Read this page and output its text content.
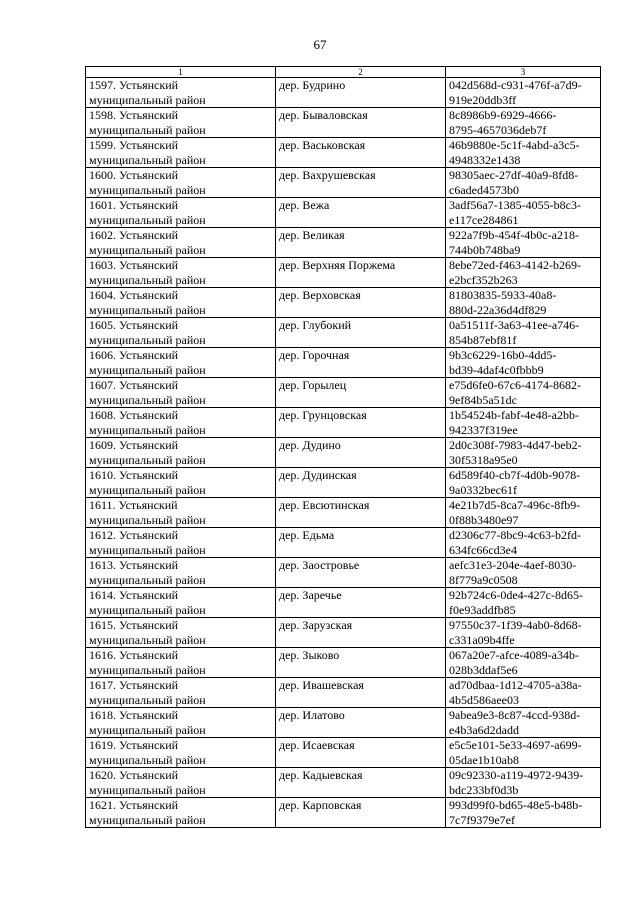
67
1	2	3

1597. Устьянский
муниципальный район	дер. Будрино	042d568d-c931-476f-a7d9-
919e20ddb3ff

1598. Устьянский
муниципальный район	дер. Бываловская	8c8986b9-6929-4666-
8795-4657036deb7f

1599. Устьянский
муниципальный район	дер. Васьковская	46b9880e-5c1f-4abd-a3c5-
4948332e1438

1600. Устьянский
муниципальный район	дер. Вахрушевская	98305aec-27df-40a9-8fd8-
c6aded4573b0

1601. Устьянский
муниципальный район	дер. Вежа	3adf56a7-1385-4055-b8c3-
e117ce284861

1602. Устьянский
муниципальный район	дер. Великая	922a7f9b-454f-4b0c-a218-
744b0b748ba9

1603. Устьянский
муниципальный район	дер. Верхняя Поржема	8ebe72ed-f463-4142-b269-
e2bcf352b263

1604. Устьянский
муниципальный район	дер. Верховская	81803835-5933-40a8-
880d-22a36d4df829

1605. Устьянский
муниципальный район	дер. Глубокий	0a51511f-3a63-41ee-a746-
854b87ebf81f

1606. Устьянский
муниципальный район	дер. Горочная	9b3c6229-16b0-4dd5-
bd39-4daf4c0fbbb9

1607. Устьянский
муниципальный район	дер. Горылец	e75d6fe0-67c6-4174-8682-
9ef84b5a51dc

1608. Устьянский
муниципальный район	дер. Грунцовская	1b54524b-fabf-4e48-a2bb-
942337f319ee

1609. Устьянский
муниципальный район	дер. Дудино	2d0c308f-7983-4d47-beb2-
30f5318a95e0

1610. Устьянский
муниципальный район	дер. Дудинская	6d589f40-cb7f-4d0b-9078-
9a0332bec61f

1611. Устьянский
муниципальный район	дер. Евсютинская	4e21b7d5-8ca7-496c-8fb9-
0f88b3480e97

1612. Устьянский
муниципальный район	дер. Едьма	d2306c77-8bc9-4c63-b2fd-
634fc66cd3e4

1613. Устьянский
муниципальный район	дер. Заостровье	aefc31e3-204e-4aef-8030-
8f779a9c0508

1614. Устьянский
муниципальный район	дер. Заречье	92b724c6-0de4-427c-8d65-
f0e93addfb85

1615. Устьянский
муниципальный район	дер. Зарузская	97550c37-1f39-4ab0-8d68-
c331a09b4ffe

1616. Устьянский
муниципальный район	дер. Зыково	067a20e7-afce-4089-a34b-
028b3ddaf5e6

1617. Устьянский
муниципальный район	дер. Ивашевская	ad70dbaa-1d12-4705-a38a-
4b5d586aee03

1618. Устьянский
муниципальный район	дер. Илатово	9abea9e3-8c87-4ccd-938d-
e4b3a6d2dadd

1619. Устьянский
муниципальный район	дер. Исаевская	e5c5e101-5e33-4697-a699-
05dae1b10ab8

1620. Устьянский
муниципальный район	дер. Кадыевская	09c92330-a119-4972-9439-
bdc233bf0d3b

1621. Устьянский
муниципальный район	дер. Карповская	993d99f0-bd65-48e5-b48b-
7c7f9379e7ef
